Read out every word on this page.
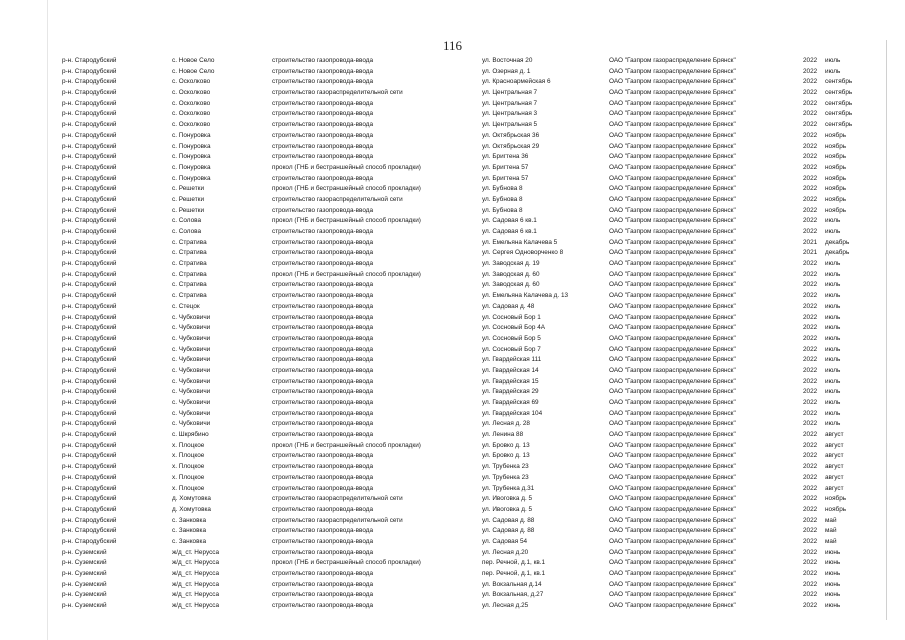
116
р-н. Стародубский	с. Новое Село	строительство газопровода-ввода	ул. Восточная 20	ОАО "Газпром газораспределение Брянск"	2022	июль
р-н. Стародубский	с. Новое Село	строительство газопровода-ввода	ул. Озерная д. 1	ОАО "Газпром газораспределение Брянск"	2022	июль
р-н. Стародубский	с. Осколково	строительство газопровода-ввода	ул. Красноармейская 6	ОАО "Газпром газораспределение Брянск"	2022	сентябрь
р-н. Стародубский	с. Осколково	строительство газораспределительной сети	ул. Центральная 7	ОАО "Газпром газораспределение Брянск"	2022	сентябрь
р-н. Стародубский	с. Осколково	строительство газопровода-ввода	ул. Центральная 7	ОАО "Газпром газораспределение Брянск"	2022	сентябрь
р-н. Стародубский	с. Осколково	строительство газопровода-ввода	ул. Центральная 3	ОАО "Газпром газораспределение Брянск"	2022	сентябрь
р-н. Стародубский	с. Осколково	строительство газопровода-ввода	ул. Центральная 5	ОАО "Газпром газораспределение Брянск"	2022	сентябрь
р-н. Стародубский	с. Понуровка	строительство газопровода-ввода	ул. Октябрьская 36	ОАО "Газпром газораспределение Брянск"	2022	ноябрь
р-н. Стародубский	с. Понуровка	строительство газопровода-ввода	ул. Октябрьская 29	ОАО "Газпром газораспределение Брянск"	2022	ноябрь
р-н. Стародубский	с. Понуровка	строительство газопровода-ввода	ул. Бригтена 36	ОАО "Газпром газораспределение Брянск"	2022	ноябрь
р-н. Стародубский	с. Понуровка	прокол (ГНБ и бестраншейный способ прокладки)	ул. Бригтена 57	ОАО "Газпром газораспределение Брянск"	2022	ноябрь
р-н. Стародубский	с. Понуровка	строительство газопровода-ввода	ул. Бригтена 57	ОАО "Газпром газораспределение Брянск"	2022	ноябрь
р-н. Стародубский	с. Решетки	прокол (ГНБ и бестраншейный способ прокладки)	ул. Бубнова 8	ОАО "Газпром газораспределение Брянск"	2022	ноябрь
р-н. Стародубский	с. Решетки	строительство газораспределительной сети	ул. Бубнова 8	ОАО "Газпром газораспределение Брянск"	2022	ноябрь
р-н. Стародубский	с. Решетки	строительство газопровода-ввода	ул. Бубнова 8	ОАО "Газпром газораспределение Брянск"	2022	ноябрь
р-н. Стародубский	с. Солова	прокол (ГНБ и бестраншейный способ прокладки)	ул. Садовая 6 кв.1	ОАО "Газпром газораспределение Брянск"	2022	июль
р-н. Стародубский	с. Солова	строительство газопровода-ввода	ул. Садовая 6 кв.1	ОАО "Газпром газораспределение Брянск"	2022	июль
р-н. Стародубский	с. Стратива	строительство газопровода-ввода	ул. Емельяна Калачева 5	ОАО "Газпром газораспределение Брянск"	2021	декабрь
р-н. Стародубский	с. Стратива	строительство газопровода-ввода	ул. Сергея Одноворченко 8	ОАО "Газпром газораспределение Брянск"	2021	декабрь
р-н. Стародубский	с. Стратива	строительство газопровода-ввода	ул. Заводская д. 19	ОАО "Газпром газораспределение Брянск"	2022	июль
р-н. Стародубский	с. Стратива	прокол (ГНБ и бестраншейный способ прокладки)	ул. Заводская д. 60	ОАО "Газпром газораспределение Брянск"	2022	июль
р-н. Стародубский	с. Стратива	строительство газопровода-ввода	ул. Заводская д. 60	ОАО "Газпром газораспределение Брянск"	2022	июль
р-н. Стародубский	с. Стратива	строительство газопровода-ввода	ул. Емельяна Калачева д. 13	ОАО "Газпром газораспределение Брянск"	2022	июль
р-н. Стародубский	с. Стецок	строительство газопровода-ввода	ул. Садовая д. 48	ОАО "Газпром газораспределение Брянск"	2022	июль
р-н. Стародубский	с. Чубковичи	строительство газопровода-ввода	ул. Сосновый Бор 1	ОАО "Газпром газораспределение Брянск"	2022	июль
р-н. Стародубский	с. Чубковичи	строительство газопровода-ввода	ул. Сосновый Бор 4А	ОАО "Газпром газораспределение Брянск"	2022	июль
р-н. Стародубский	с. Чубковичи	строительство газопровода-ввода	ул. Сосновый Бор 5	ОАО "Газпром газораспределение Брянск"	2022	июль
р-н. Стародубский	с. Чубковичи	строительство газопровода-ввода	ул. Сосновый Бор 7	ОАО "Газпром газораспределение Брянск"	2022	июль
р-н. Стародубский	с. Чубковичи	строительство газопровода-ввода	ул. Гвардейская 111	ОАО "Газпром газораспределение Брянск"	2022	июль
р-н. Стародубский	с. Чубковичи	строительство газопровода-ввода	ул. Гвардейская 14	ОАО "Газпром газораспределение Брянск"	2022	июль
р-н. Стародубский	с. Чубковичи	строительство газопровода-ввода	ул. Гвардейская 15	ОАО "Газпром газораспределение Брянск"	2022	июль
р-н. Стародубский	с. Чубковичи	строительство газопровода-ввода	ул. Гвардейская 29	ОАО "Газпром газораспределение Брянск"	2022	июль
р-н. Стародубский	с. Чубковичи	строительство газопровода-ввода	ул. Гвардейская 69	ОАО "Газпром газораспределение Брянск"	2022	июль
р-н. Стародубский	с. Чубковичи	строительство газопровода-ввода	ул. Гвардейская 104	ОАО "Газпром газораспределение Брянск"	2022	июль
р-н. Стародубский	с. Чубковичи	строительство газопровода-ввода	ул. Лесная д. 28	ОАО "Газпром газораспределение Брянск"	2022	июль
р-н. Стародубский	с. Шкрябино	строительство газопровода-ввода	ул. Ленина 88	ОАО "Газпром газораспределение Брянск"	2022	август
р-н. Стародубский	х. Плоцкое	прокол (ГНБ и бестраншейный способ прокладки)	ул. Бровко д. 13	ОАО "Газпром газораспределение Брянск"	2022	август
р-н. Стародубский	х. Плоцкое	строительство газопровода-ввода	ул. Бровко д. 13	ОАО "Газпром газораспределение Брянск"	2022	август
р-н. Стародубский	х. Плоцкое	строительство газопровода-ввода	ул. Трубенка 23	ОАО "Газпром газораспределение Брянск"	2022	август
р-н. Стародубский	х. Плоцкое	строительство газопровода-ввода	ул. Трубенка 23	ОАО "Газпром газораспределение Брянск"	2022	август
р-н. Стародубский	х. Плоцкое	строительство газопровода-ввода	ул. Трубенка д.31	ОАО "Газпром газораспределение Брянск"	2022	август
р-н. Стародубский	д. Хомутовка	строительство газораспределительной сети	ул. Ивоговка д. 5	ОАО "Газпром газораспределение Брянск"	2022	ноябрь
р-н. Стародубский	д. Хомутовка	строительство газопровода-ввода	ул. Ивоговка д. 5	ОАО "Газпром газораспределение Брянск"	2022	ноябрь
р-н. Стародубский	с. Занковка	строительство газораспределительной сети	ул. Садовая д. 88	ОАО "Газпром газораспределение Брянск"	2022	май
р-н. Стародубский	с. Занковка	строительство газопровода-ввода	ул. Садовая д. 88	ОАО "Газпром газораспределение Брянск"	2022	май
р-н. Стародубский	с. Занковка	строительство газопровода-ввода	ул. Садовая 54	ОАО "Газпром газораспределение Брянск"	2022	май
р-н. Суземский	ж/д_ст. Нерусса	строительство газопровода-ввода	ул. Лесная д.20	ОАО "Газпром газораспределение Брянск"	2022	июнь
р-н. Суземский	ж/д_ст. Нерусса	прокол (ГНБ и бестраншейный способ прокладки)	пер. Речной, д.1, кв.1	ОАО "Газпром газораспределение Брянск"	2022	июнь
р-н. Суземский	ж/д_ст. Нерусса	строительство газопровода-ввода	пер. Речной, д.1, кв.1	ОАО "Газпром газораспределение Брянск"	2022	июнь
р-н. Суземский	ж/д_ст. Нерусса	строительство газопровода-ввода	ул. Вокзальная д.14	ОАО "Газпром газораспределение Брянск"	2022	июнь
р-н. Суземский	ж/д_ст. Нерусса	строительство газопровода-ввода	ул. Вокзальная, д.27	ОАО "Газпром газораспределение Брянск"	2022	июнь
р-н. Суземский	ж/д_ст. Нерусса	строительство газопровода-ввода	ул. Лесная д.25	ОАО "Газпром газораспределение Брянск"	2022	июнь
